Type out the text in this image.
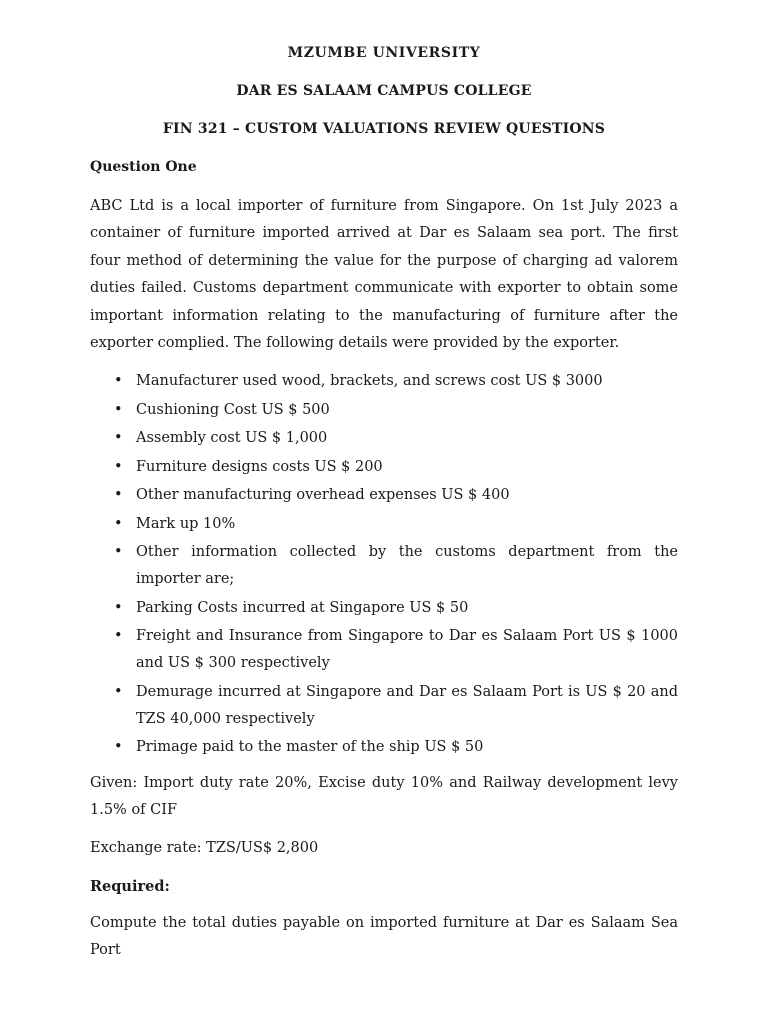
MZUMBE UNIVERSITY
DAR ES SALAAM CAMPUS COLLEGE
FIN 321 – CUSTOM VALUATIONS REVIEW QUESTIONS
Question One
ABC Ltd is a local importer of furniture from Singapore. On 1st July 2023 a container of furniture imported arrived at Dar es Salaam sea port. The first four method of determining the value for the purpose of charging ad valorem duties failed. Customs department communicate with exporter to obtain some important information relating to the manufacturing of furniture after the exporter complied. The following details were provided by the exporter.
• Manufacturer used wood, brackets, and screws cost US $ 3000
• Cushioning Cost US $ 500
• Assembly cost US $ 1,000
• Furniture designs costs US $ 200
• Other manufacturing overhead expenses US $ 400
• Mark up 10%
• Other information collected by the customs department from the importer are;
• Parking Costs incurred at Singapore US $ 50
• Freight and Insurance from Singapore to Dar es Salaam Port US $ 1000 and US $ 300 respectively
• Demurage incurred at Singapore and Dar es Salaam Port is US $ 20 and TZS 40,000 respectively
• Primage paid to the master of the ship US $ 50
Given: Import duty rate 20%, Excise duty 10% and Railway development levy 1.5% of CIF
Exchange rate: TZS/US$ 2,800
Required:
Compute the total duties payable on imported furniture at Dar es Salaam Sea Port
